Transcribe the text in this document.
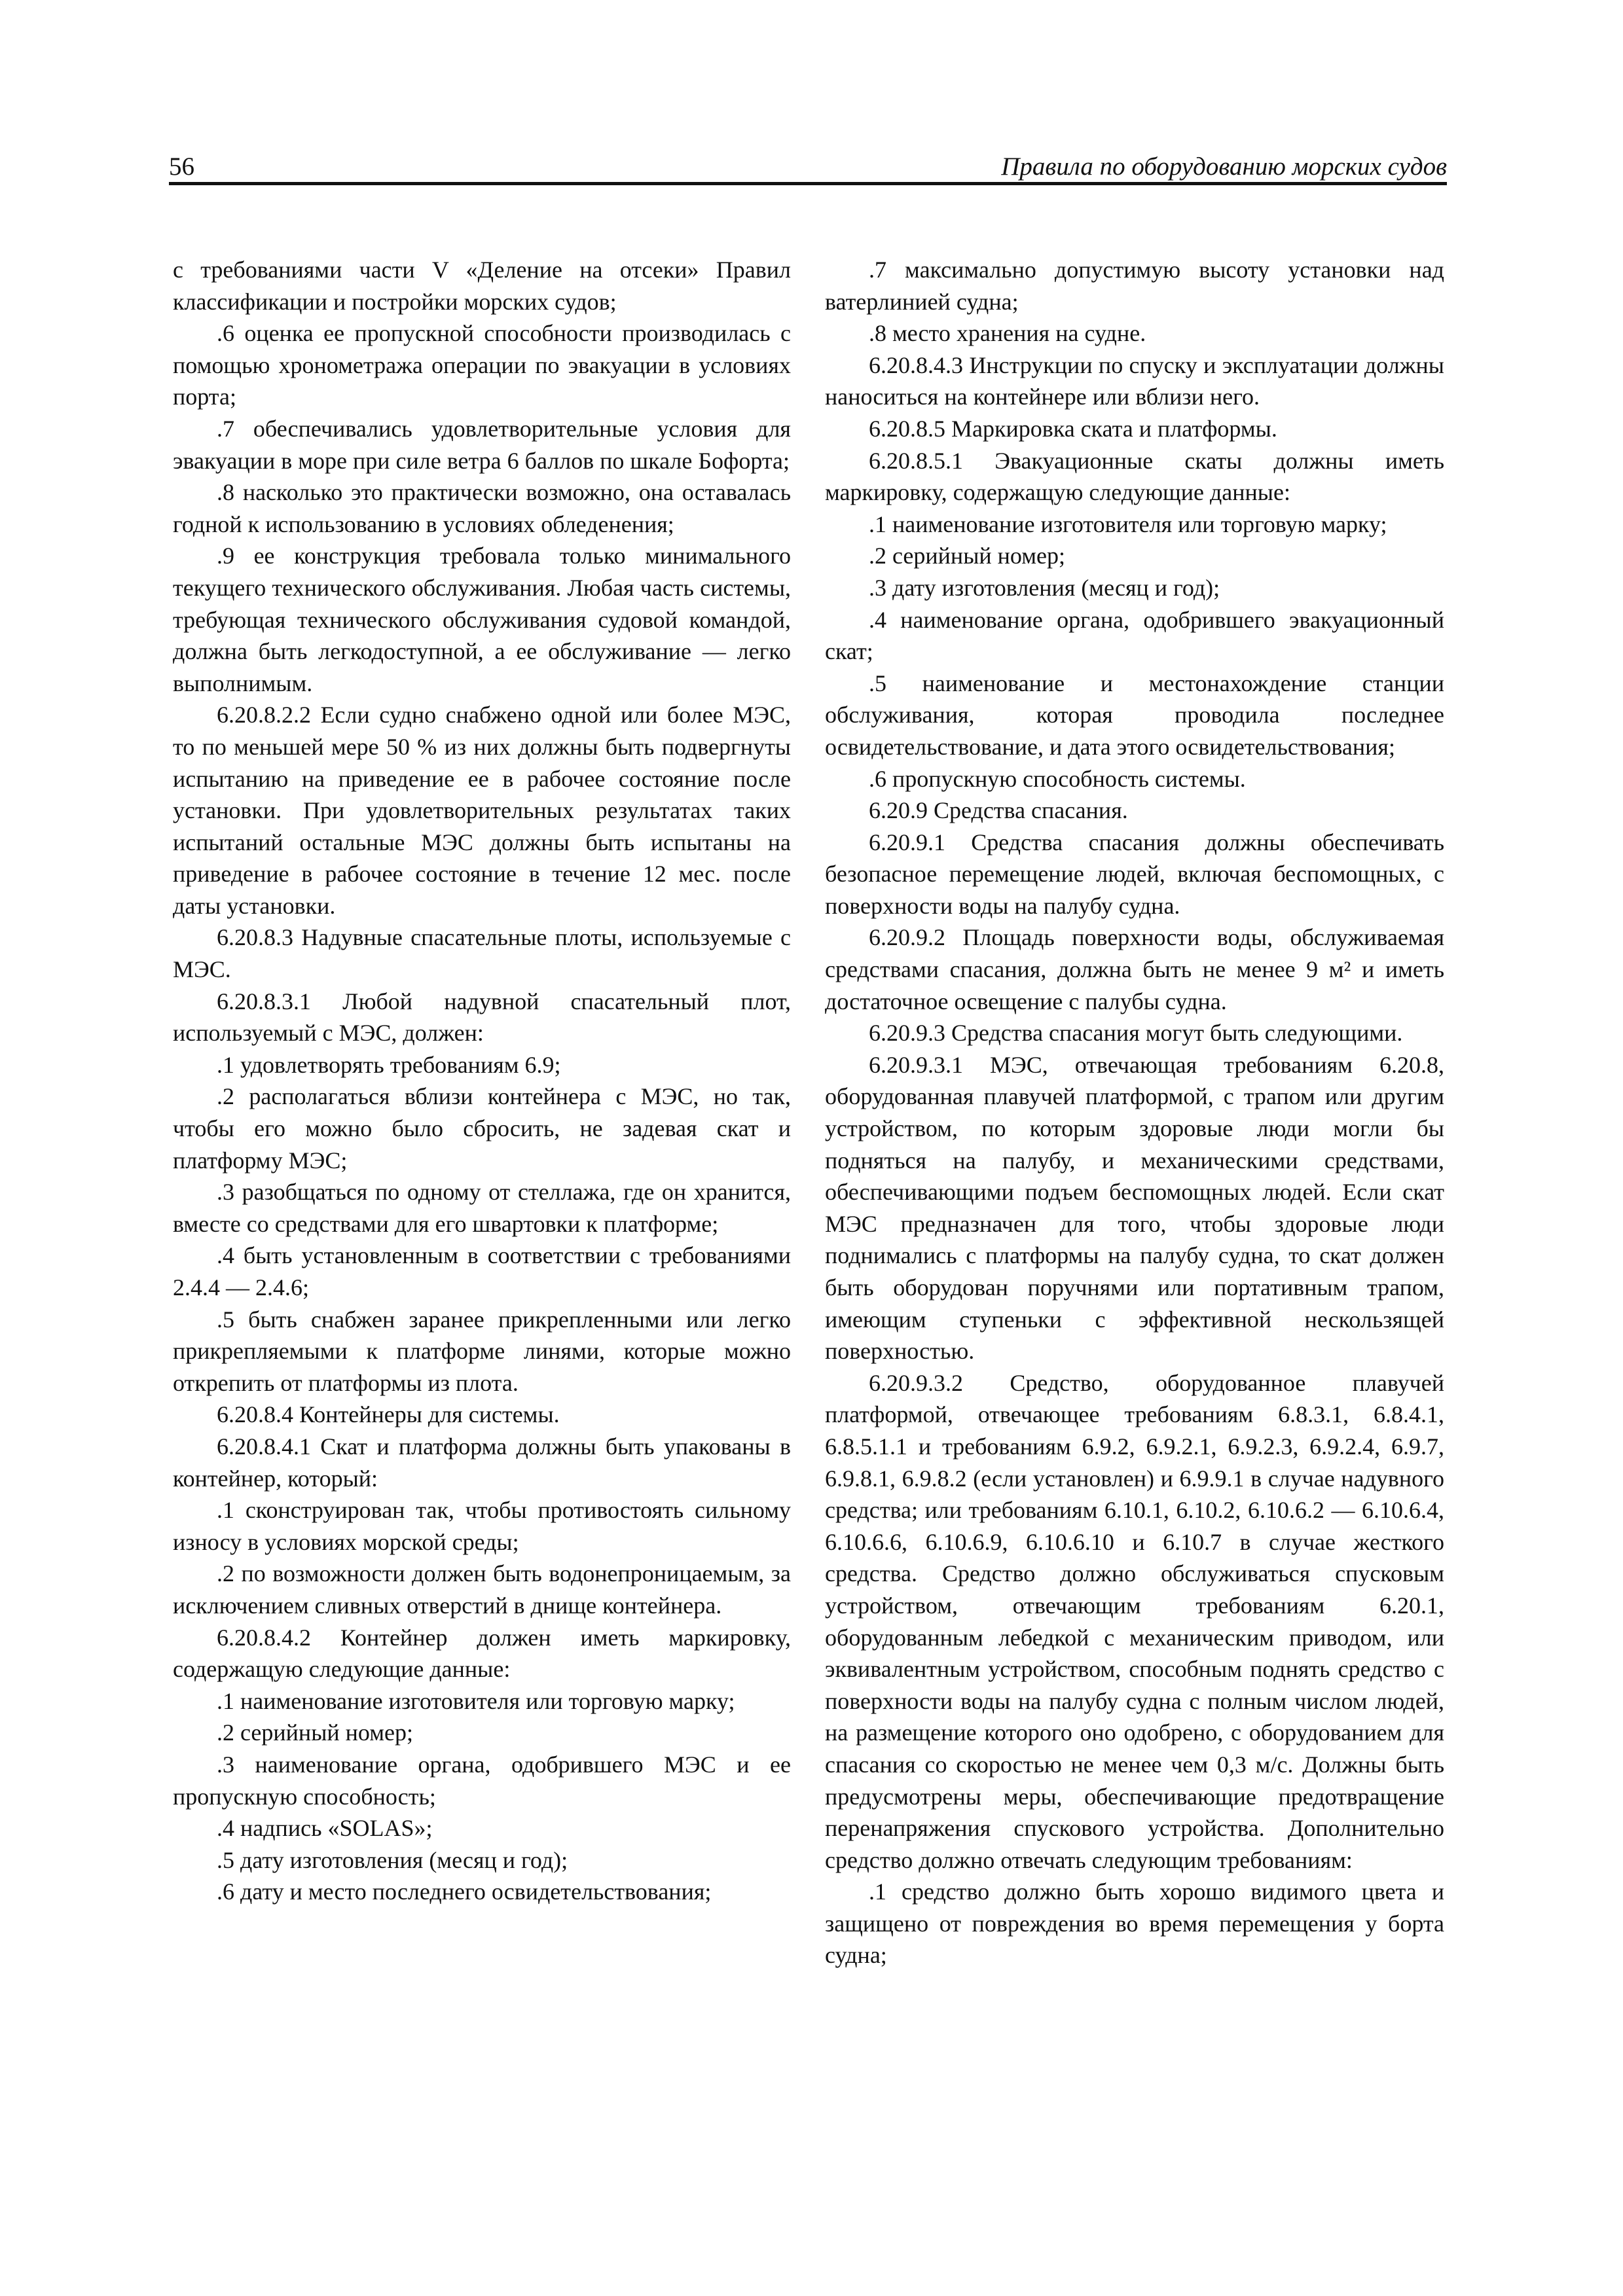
56	Правила по оборудованию морских судов

с требованиями части V «Деление на отсеки» Правил классификации и постройки морских судов;

.6 оценка ее пропускной способности производилась с помощью хронометража операции по эвакуации в условиях порта;

.7 обеспечивались удовлетворительные условия для эвакуации в море при силе ветра 6 баллов по шкале Бофорта;

.8 насколько это практически возможно, она оставалась годной к использованию в условиях обледенения;

.9 ее конструкция требовала только минимального текущего технического обслуживания. Любая часть системы, требующая технического обслуживания судовой командой, должна быть легкодоступной, а ее обслуживание — легко выполнимым.

6.20.8.2.2 Если судно снабжено одной или более МЭС, то по меньшей мере 50 % из них должны быть подвергнуты испытанию на приведение ее в рабочее состояние после установки. При удовлетворительных результатах таких испытаний остальные МЭС должны быть испытаны на приведение в рабочее состояние в течение 12 мес. после даты установки.

6.20.8.3 Надувные спасательные плоты, используемые с МЭС.

6.20.8.3.1 Любой надувной спасательный плот, используемый с МЭС, должен:

.1 удовлетворять требованиям 6.9;

.2 располагаться вблизи контейнера с МЭС, но так, чтобы его можно было сбросить, не задевая скат и платформу МЭС;

.3 разобщаться по одному от стеллажа, где он хранится, вместе со средствами для его швартовки к платформе;

.4 быть установленным в соответствии с требованиями 2.4.4 — 2.4.6;

.5 быть снабжен заранее прикрепленными или легко прикрепляемыми к платформе линями, которые можно открепить от платформы из плота.

6.20.8.4 Контейнеры для системы.

6.20.8.4.1 Скат и платформа должны быть упакованы в контейнер, который:

.1 сконструирован так, чтобы противостоять сильному износу в условиях морской среды;

.2 по возможности должен быть водонепроницаемым, за исключением сливных отверстий в днище контейнера.

6.20.8.4.2 Контейнер должен иметь маркировку, содержащую следующие данные:

.1 наименование изготовителя или торговую марку;

.2 серийный номер;

.3 наименование органа, одобрившего МЭС и ее пропускную способность;

.4 надпись «SOLAS»;

.5 дату изготовления (месяц и год);

.6 дату и место последнего освидетельствования;

.7 максимально допустимую высоту установки над ватерлинией судна;

.8 место хранения на судне.

6.20.8.4.3 Инструкции по спуску и эксплуатации должны наноситься на контейнере или вблизи него.

6.20.8.5 Маркировка ската и платформы.

6.20.8.5.1 Эвакуационные скаты должны иметь маркировку, содержащую следующие данные:

.1 наименование изготовителя или торговую марку;

.2 серийный номер;

.3 дату изготовления (месяц и год);

.4 наименование органа, одобрившего эвакуационный скат;

.5 наименование и местонахождение станции обслуживания, которая проводила последнее освидетельствование, и дата этого освидетельствования;

.6 пропускную способность системы.

6.20.9 Средства спасания.

6.20.9.1 Средства спасания должны обеспечивать безопасное перемещение людей, включая беспомощных, с поверхности воды на палубу судна.

6.20.9.2 Площадь поверхности воды, обслуживаемая средствами спасания, должна быть не менее 9 м² и иметь достаточное освещение с палубы судна.

6.20.9.3 Средства спасания могут быть следующими.

6.20.9.3.1 МЭС, отвечающая требованиям 6.20.8, оборудованная плавучей платформой, с трапом или другим устройством, по которым здоровые люди могли бы подняться на палубу, и механическими средствами, обеспечивающими подъем беспомощных людей. Если скат МЭС предназначен для того, чтобы здоровые люди поднимались с платформы на палубу судна, то скат должен быть оборудован поручнями или портативным трапом, имеющим ступеньки с эффективной нескользящей поверхностью.

6.20.9.3.2 Средство, оборудованное плавучей платформой, отвечающее требованиям 6.8.3.1, 6.8.4.1, 6.8.5.1.1 и требованиям 6.9.2, 6.9.2.1, 6.9.2.3, 6.9.2.4, 6.9.7, 6.9.8.1, 6.9.8.2 (если установлен) и 6.9.9.1 в случае надувного средства; или требованиям 6.10.1, 6.10.2, 6.10.6.2 — 6.10.6.4, 6.10.6.6, 6.10.6.9, 6.10.6.10 и 6.10.7 в случае жесткого средства. Средство должно обслуживаться спусковым устройством, отвечающим требованиям 6.20.1, оборудованным лебедкой с механическим приводом, или эквивалентным устройством, способным поднять средство с поверхности воды на палубу судна с полным числом людей, на размещение которого оно одобрено, с оборудованием для спасания со скоростью не менее чем 0,3 м/с. Должны быть предусмотрены меры, обеспечивающие предотвращение перенапряжения спускового устройства. Дополнительно средство должно отвечать следующим требованиям:

.1 средство должно быть хорошо видимого цвета и защищено от повреждения во время перемещения у борта судна;
